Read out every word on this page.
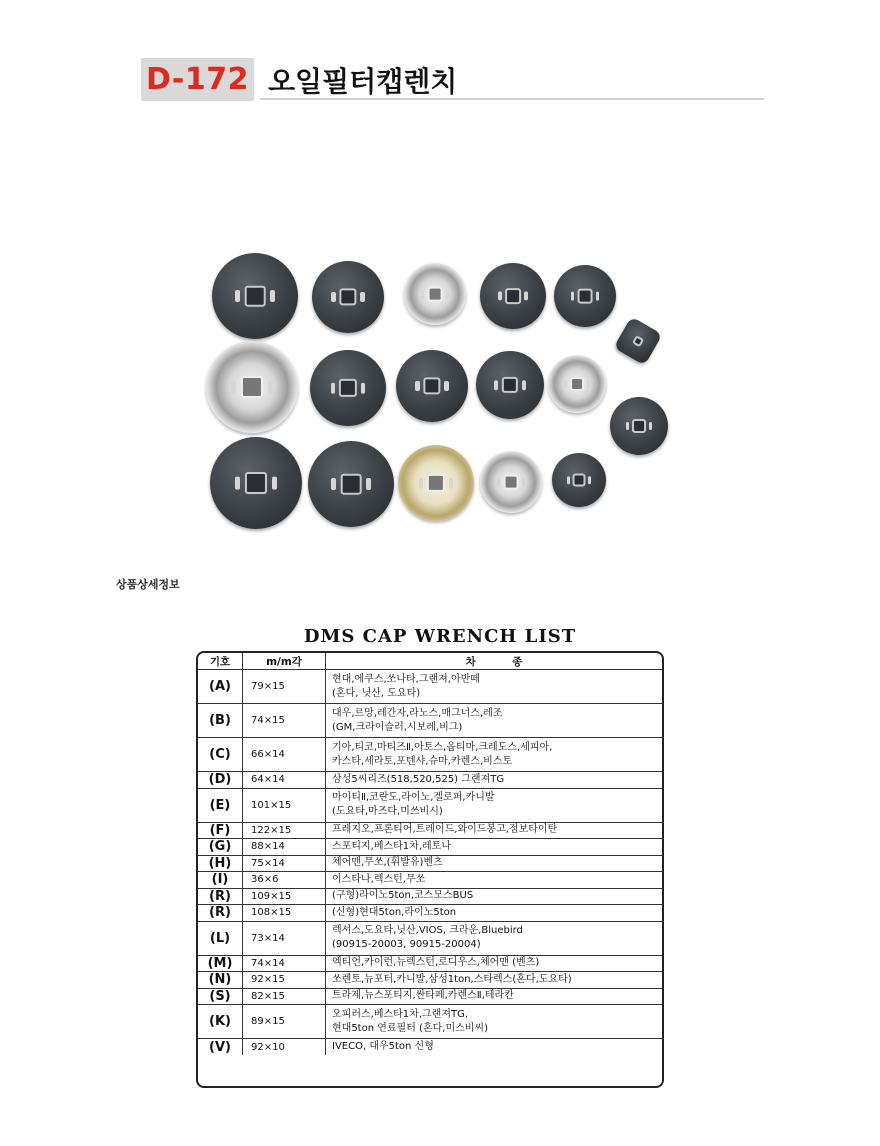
D-172 오일필터캡렌치
상품상세정보
DMS CAP WRENCH LIST
기호	m/m각	차          종
(A)	79×15	현대,에쿠스,쏘나타,그랜져,아반떼
(혼다, 닛산, 도요타)
(B)	74×15	대우,르망,레간자,라노스,매그너스,레조
(GM,크라이슬러,시보레,비그)
(C)	66×14	기아,티코,마티즈Ⅱ,아토스,옵티마,크레도스,세피아,
카스타,세라토,포텐샤,슈마,카렌스,비스토
(D)	64×14	삼성5씨리즈(518,520,525) 그랜져TG
(E)	101×15	마이티Ⅱ,코란도,라이노,겔로퍼,카니발
(도요타,마즈다,미쓰비시)
(F)	122×15	프레지오,프론티어,트레이드,와이드봉고,점보타이탄
(G)	88×14	스포티지,베스타1차,레토나
(H)	75×14	체어맨,무쏘,(휘발유)벤츠
(I)	36×6	이스타나,렉스턴,무쏘
(R)	109×15	(구형)라이노5ton,코스모스BUS
(R)	108×15	(신형)현대5ton,라이노5ton
(L)	73×14	렉서스,도요타,닛산,VIOS, 크라운,Bluebird
(90915-20003, 90915-20004)
(M)	74×14	엑티언,카이런,뉴렉스턴,로디우스,체어맨 (벤츠)
(N)	92×15	쏘렌토,뉴포터,카니발,삼성1ton,스타렉스(혼다,도요타)
(S)	82×15	트라제,뉴스포티지,싼타페,카렌스Ⅱ,테라칸
(K)	89×15	오피러스,베스타1차,그랜져TG,
현대5ton 연료필터 (혼다,미스비씨)
(V)	92×10	IVECO, 대우5ton 신형
